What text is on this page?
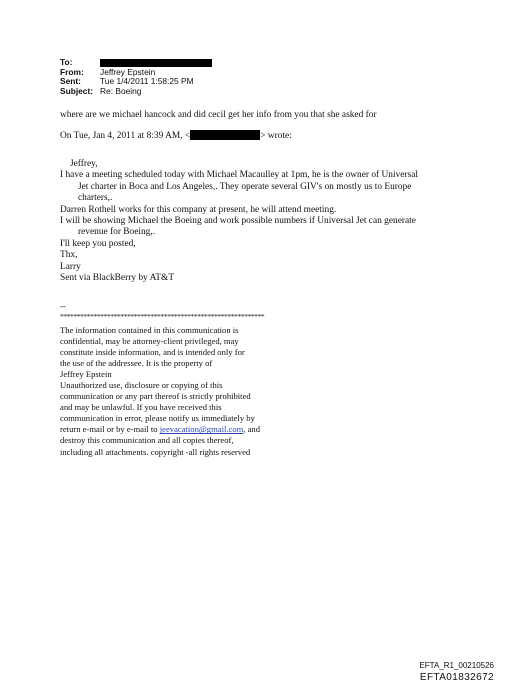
To:
From:	Jeffrey Epstein
Sent:	Tue 1/4/2011 1:58:25 PM
Subject: Re: Boeing
where are we michael hancock and did cecil get her info from you that she asked for
On Tue, Jan 4, 2011 at 8:39 AM, <	> wrote:
Jeffrey,
I have a meeting scheduled today with Michael Macaulley at 1pm, he is the owner of Universal
Jet charter in Boca and Los Angeles,. They operate several GIV's on mostly us to Europe
charters,.
Darren Rothell works for this company at present, he will attend meeting.
I will be showing Michael the Boeing and work possible numbers if Universal Jet can generate
revenue for Boeing,.
I'll keep you posted,
Thx,
Larry
Sent via BlackBerry by AT&T
--
*************************************************************
The information contained in this communication is
confidential, may be attorney-client privileged, may
constitute inside information, and is intended only for
the use of the addressee. It is the property of
Jeffrey Epstein
Unauthorized use, disclosure or copying of this
communication or any part thereof is strictly prohibited
and may be unlawful. If you have received this
communication in error, please notify us immediately by
return e-mail or by e-mail to jeevacation@gmail.com, and
destroy this communication and all copies thereof,
including all attachments. copyright -all rights reserved
EFTA_R1_00210526
EFTA01832672
